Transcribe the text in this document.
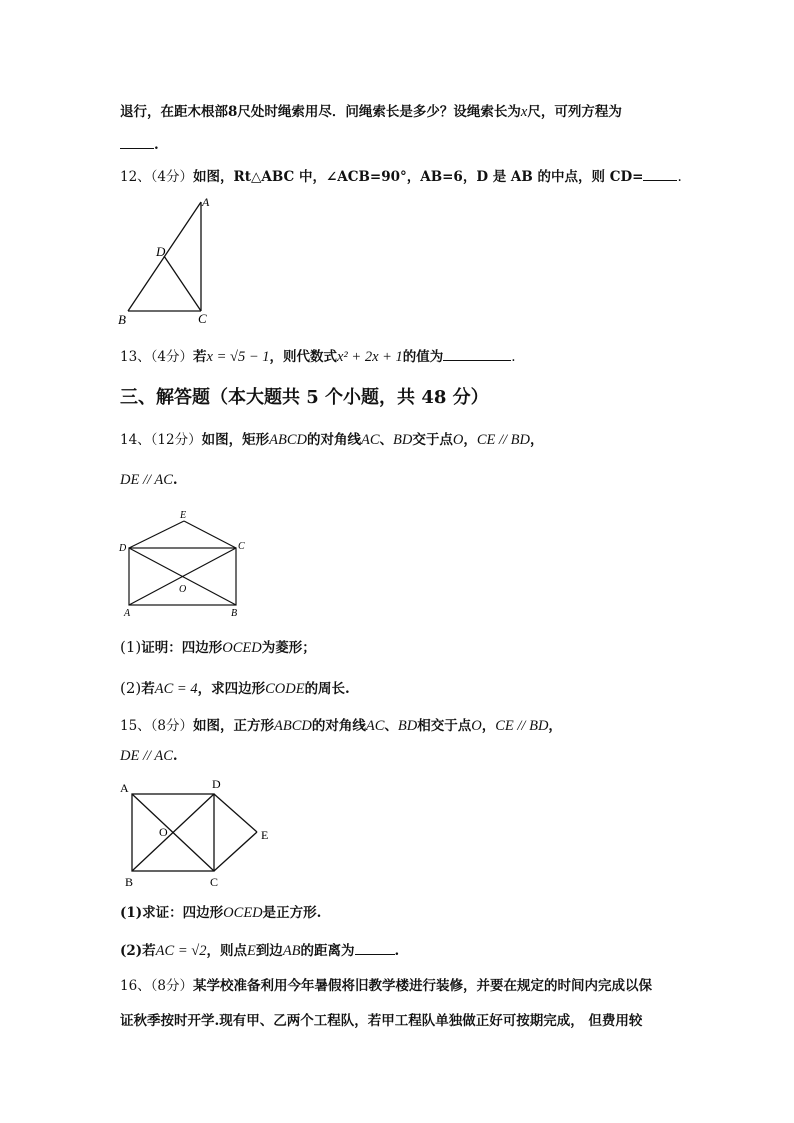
退行，在距木根部8尺处时绳索用尽．问绳索长是多少？设绳索长为x尺，可列方程为
.
12、（4分）如图，Rt△ABC 中，∠ACB=90°，AB=6，D 是 AB 的中点，则 CD=	.
A
D
B	C
13、（4分）若x = √5 − 1，则代数式x² + 2x + 1的值为	.
三、解答题（本大题共 5 个小题，共 48 分）
14、（12分）如图，矩形ABCD的对角线AC、BD交于点O，CE // BD，
DE // AC.
E
D	C
O
A	B
(1)证明：四边形OCED为菱形；
(2)若AC = 4，求四边形CODE的周长.
15、（8分）如图，正方形ABCD的对角线AC、BD相交于点O，CE // BD，
DE // AC.
A	D
E
O
B	C
(1)求证：四边形OCED是正方形.
(2)若AC = √2，则点E到边AB的距离为	.
16、（8分）某学校准备利用今年暑假将旧教学楼进行装修，并要在规定的时间内完成以保
证秋季按时开学.现有甲、乙两个工程队，若甲工程队单独做正好可按期完成， 但费用较
